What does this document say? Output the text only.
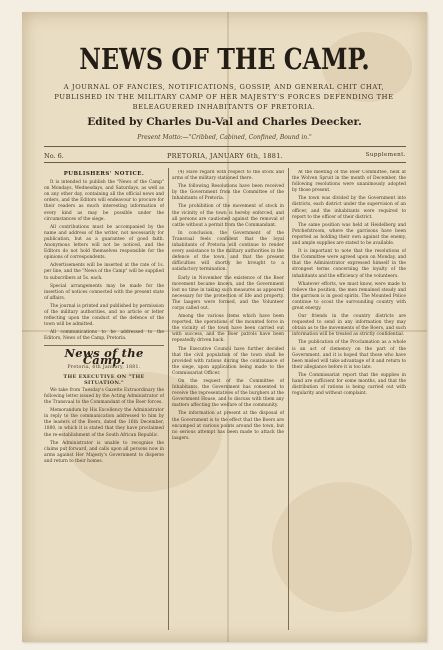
NEWS OF THE CAMP.
A JOURNAL OF FANCIES, NOTIFICATIONS, GOSSIP, AND GENERAL CHIT CHAT, PUBLISHED IN THE MILITARY CAMP OF HER MAJESTY'S FORCES DEFENDING THE BELEAGUERED INHABITANTS OF PRETORIA.
Edited by Charles Du-Val and Charles Deecker.
Present Motto:—"Cribbed, Cabined, Confined, Bound in."
No. 6.	PRETORIA, JANUARY 6th, 1881.	Supplement.
PUBLISHERS' NOTICE.

It is intended to publish the "News of the Camp" on Mondays, Wednesdays, and Saturdays, as well as on any other day, containing all the official news and orders, and the Editors will endeavour to procure for their readers as much interesting information of every kind as may be possible under the circumstances of the siege.

All contributions must be accompanied by the name and address of the writer, not necessarily for publication, but as a guarantee of good faith. Anonymous letters will not be noticed, and the Editors do not hold themselves responsible for the opinions of correspondents.

Advertisements will be inserted at the rate of 1s. per line, and the "News of the Camp" will be supplied to subscribers at 5s. each.

Special arrangements may be made for the insertion of notices connected with the present state of affairs.

The journal is printed and published by permission of the military authorities, and no article or letter reflecting upon the conduct of the defence of the town will be admitted.

All communications to be addressed to the Editors, News of the Camp, Pretoria.

News of the Camp.
Pretoria, 6th January, 1881.
THE EXECUTIVE ON "THE SITUATION."

We take from Tuesday's Gazette Extraordinary the following letter issued by the Acting Administrator of the Transvaal to the Commandant of the Boer forces.

Memorandum by His Excellency the Administrator in reply to the communication addressed to him by the leaders of the Boers, dated the 16th December, 1880, in which it is stated that they have proclaimed the re-establishment of the South African Republic.

The Administrator is unable to recognise the claims put forward, and calls upon all persons now in arms against Her Majesty's Government to disperse and return to their homes.

(4) Have regard with respect to the stock and arms of the military stationed there.

The following Resolutions have been received by the Government from the Committee of the Inhabitants of Pretoria.

The prohibition of the movement of stock in the vicinity of the town is hereby enforced, and all persons are cautioned against the removal of cattle without a permit from the Commandant.

In conclusion, the Government of the Transvaal feels confident that the loyal inhabitants of Pretoria will continue to render every assistance to the military authorities in the defence of the town, and that the present difficulties will shortly be brought to a satisfactory termination.

Early in November the existence of the Boer movement became known, and the Government lost no time in taking such measures as appeared necessary for the protection of life and property. The laagers were formed, and the Volunteer corps called out.

Among the various items which have been reported, the operations of the mounted force in the vicinity of the town have been carried out with success, and the Boer patrols have been repeatedly driven back.

The Executive Council have further decided that the civil population of the town shall be provided with rations during the continuance of the siege, upon application being made to the Commissariat Officer.

On the request of the Committee of Inhabitants, the Government has consented to receive the representatives of the burghers at the Government House, and to discuss with them any matters affecting the welfare of the community.

The information at present at the disposal of the Government is to the effect that the Boers are encamped at various points around the town, but no serious attempt has been made to attack the laagers.

At the meeting of the Boer Committee, held at the Wolven Spruit in the month of December, the following resolutions were unanimously adopted by those present.

The town was divided by the Government into districts, each district under the supervision of an officer, and the inhabitants were required to report to the officer of their district.

The same position was held at Heidelberg and Potchefstroom, where the garrisons have been reported as holding their own against the enemy, and ample supplies are stated to be available.

It is important to note that the resolutions of the Committee were agreed upon on Monday, and that the Administrator expressed himself in the strongest terms concerning the loyalty of the inhabitants and the efficiency of the volunteers.

Whatever efforts, we must know, were made to relieve the position, the men remained steady and the garrison is in good spirits. The Mounted Police continue to scout the surrounding country with great energy.

Our friends in the country districts are requested to send in any information they may obtain as to the movements of the Boers, and such information will be treated as strictly confidential.

The publication of the Proclamation as a whole is an act of clemency on the part of the Government, and it is hoped that those who have been misled will take advantage of it and return to their allegiance before it is too late.

The Commissariat report that the supplies in hand are sufficient for some months, and that the distribution of rations is being carried out with regularity and without complaint.
